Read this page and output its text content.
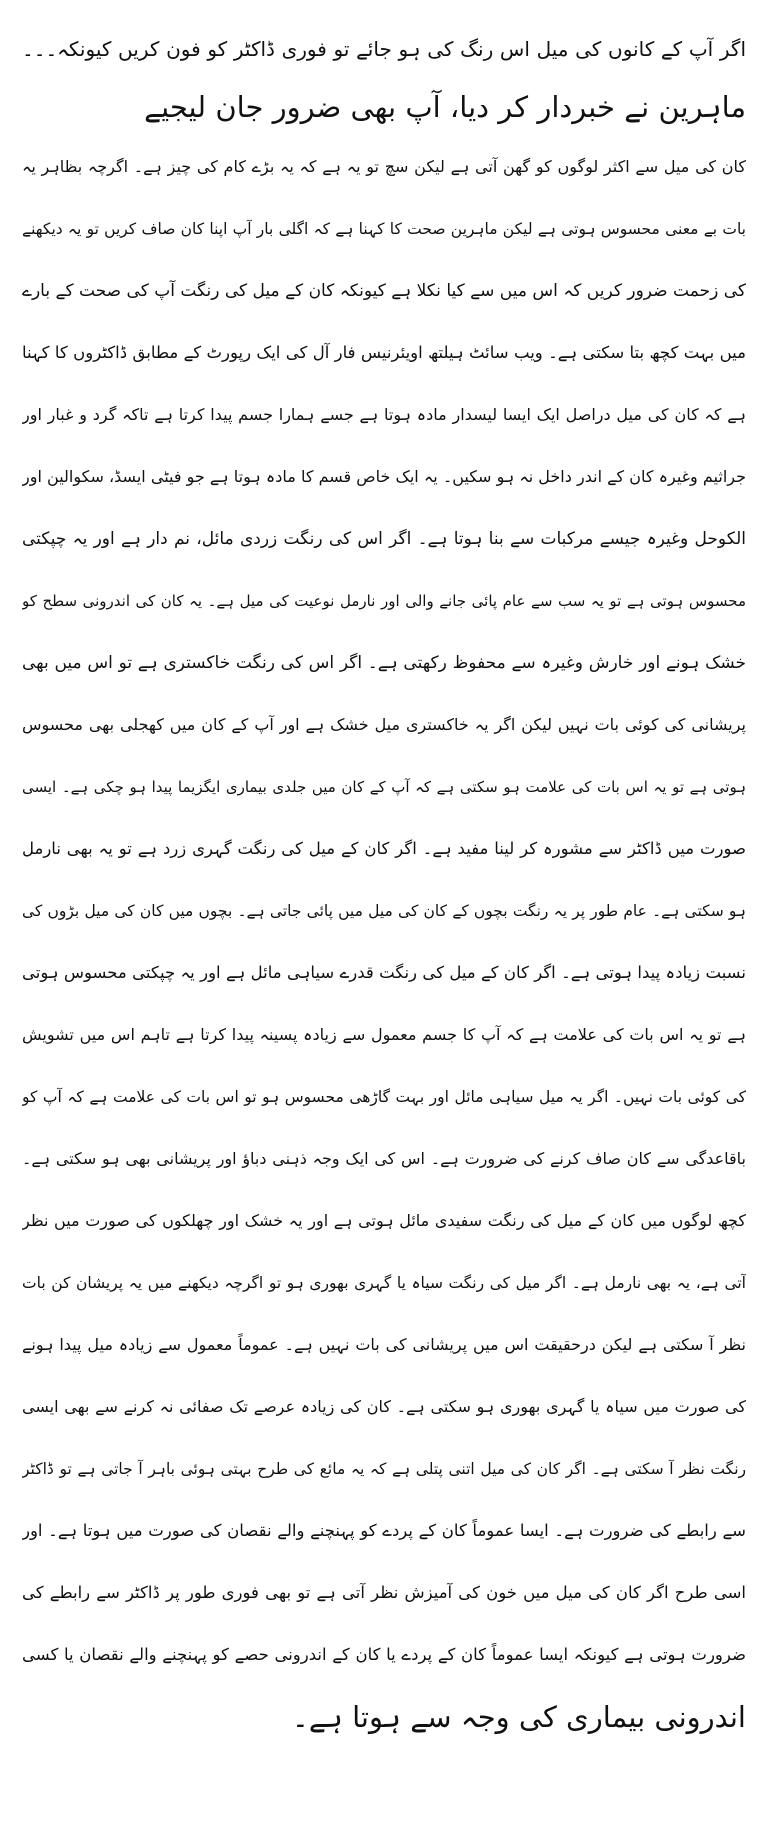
اگر آپ کے کانوں کی میل اس رنگ کی ہو جائے تو فوری ڈاکٹر کو فون کریں کیونکہ۔۔۔
ماہرین نے خبردار کر دیا، آپ بھی ضرور جان لیجیے
کان کی میل سے اکثر لوگوں کو گھن آتی ہے لیکن سچ تو یہ ہے کہ یہ بڑے کام کی چیز ہے۔ اگرچہ بظاہر یہ
بات بے معنی محسوس ہوتی ہے لیکن ماہرین صحت کا کہنا ہے کہ اگلی بار آپ اپنا کان صاف کریں تو یہ دیکھنے
کی زحمت ضرور کریں کہ اس میں سے کیا نکلا ہے کیونکہ کان کے میل کی رنگت آپ کی صحت کے بارے
میں بہت کچھ بتا سکتی ہے۔ ویب سائٹ ہیلتھ اویئرنیس فار آل کی ایک رپورٹ کے مطابق ڈاکٹروں کا کہنا
ہے کہ کان کی میل دراصل ایک ایسا لیسدار مادہ ہوتا ہے جسے ہمارا جسم پیدا کرتا ہے تاکہ گرد و غبار اور
جراثیم وغیرہ کان کے اندر داخل نہ ہو سکیں۔ یہ ایک خاص قسم کا مادہ ہوتا ہے جو فیٹی ایسڈ، سکوالین اور
الکوحل وغیرہ جیسے مرکبات سے بنا ہوتا ہے۔ اگر اس کی رنگت زردی مائل، نم دار ہے اور یہ چپکتی
محسوس ہوتی ہے تو یہ سب سے عام پائی جانے والی اور نارمل نوعیت کی میل ہے۔ یہ کان کی اندرونی سطح کو
خشک ہونے اور خارش وغیرہ سے محفوظ رکھتی ہے۔ اگر اس کی رنگت خاکستری ہے تو اس میں بھی
پریشانی کی کوئی بات نہیں لیکن اگر یہ خاکستری میل خشک ہے اور آپ کے کان میں کھجلی بھی محسوس
ہوتی ہے تو یہ اس بات کی علامت ہو سکتی ہے کہ آپ کے کان میں جلدی بیماری ایگزیما پیدا ہو چکی ہے۔ ایسی
صورت میں ڈاکٹر سے مشورہ کر لینا مفید ہے۔ اگر کان کے میل کی رنگت گہری زرد ہے تو یہ بھی نارمل
ہو سکتی ہے۔ عام طور پر یہ رنگت بچوں کے کان کی میل میں پائی جاتی ہے۔ بچوں میں کان کی میل بڑوں کی
نسبت زیادہ پیدا ہوتی ہے۔ اگر کان کے میل کی رنگت قدرے سیاہی مائل ہے اور یہ چپکتی محسوس ہوتی
ہے تو یہ اس بات کی علامت ہے کہ آپ کا جسم معمول سے زیادہ پسینہ پیدا کرتا ہے تاہم اس میں تشویش
کی کوئی بات نہیں۔ اگر یہ میل سیاہی مائل اور بہت گاڑھی محسوس ہو تو اس بات کی علامت ہے کہ آپ کو
باقاعدگی سے کان صاف کرنے کی ضرورت ہے۔ اس کی ایک وجہ ذہنی دباؤ اور پریشانی بھی ہو سکتی ہے۔
کچھ لوگوں میں کان کے میل کی رنگت سفیدی مائل ہوتی ہے اور یہ خشک اور چھلکوں کی صورت میں نظر
آتی ہے، یہ بھی نارمل ہے۔ اگر میل کی رنگت سیاہ یا گہری بھوری ہو تو اگرچہ دیکھنے میں یہ پریشان کن بات
نظر آ سکتی ہے لیکن درحقیقت اس میں پریشانی کی بات نہیں ہے۔ عموماً معمول سے زیادہ میل پیدا ہونے
کی صورت میں سیاہ یا گہری بھوری ہو سکتی ہے۔ کان کی زیادہ عرصے تک صفائی نہ کرنے سے بھی ایسی
رنگت نظر آ سکتی ہے۔ اگر کان کی میل اتنی پتلی ہے کہ یہ مائع کی طرح بہتی ہوئی باہر آ جاتی ہے تو ڈاکٹر
سے رابطے کی ضرورت ہے۔ ایسا عموماً کان کے پردے کو پہنچنے والے نقصان کی صورت میں ہوتا ہے۔ اور
اسی طرح اگر کان کی میل میں خون کی آمیزش نظر آتی ہے تو بھی فوری طور پر ڈاکٹر سے رابطے کی
ضرورت ہوتی ہے کیونکہ ایسا عموماً کان کے پردے یا کان کے اندرونی حصے کو پہنچنے والے نقصان یا کسی
اندرونی بیماری کی وجہ سے ہوتا ہے۔
